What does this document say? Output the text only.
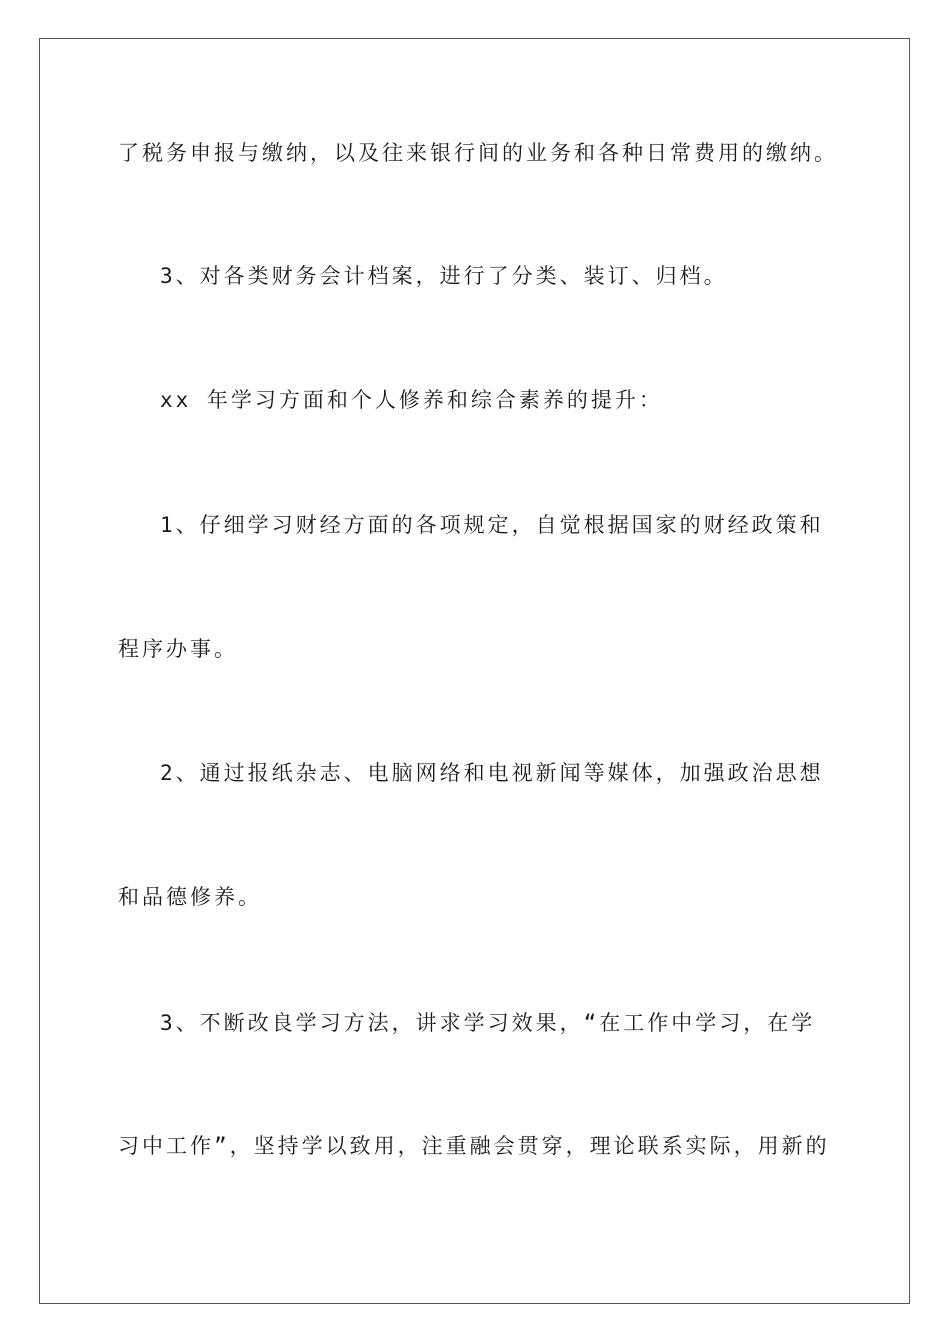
了税务申报与缴纳，以及往来银行间的业务和各种日常费用的缴纳。

3、对各类财务会计档案，进行了分类、装订、归档。

xx 年学习方面和个人修养和综合素养的提升：

1、仔细学习财经方面的各项规定，自觉根据国家的财经政策和

程序办事。

2、通过报纸杂志、电脑网络和电视新闻等媒体，加强政治思想

和品德修养。

3、不断改良学习方法，讲求学习效果，“在工作中学习，在学

习中工作”，坚持学以致用，注重融会贯穿，理论联系实际，用新的
